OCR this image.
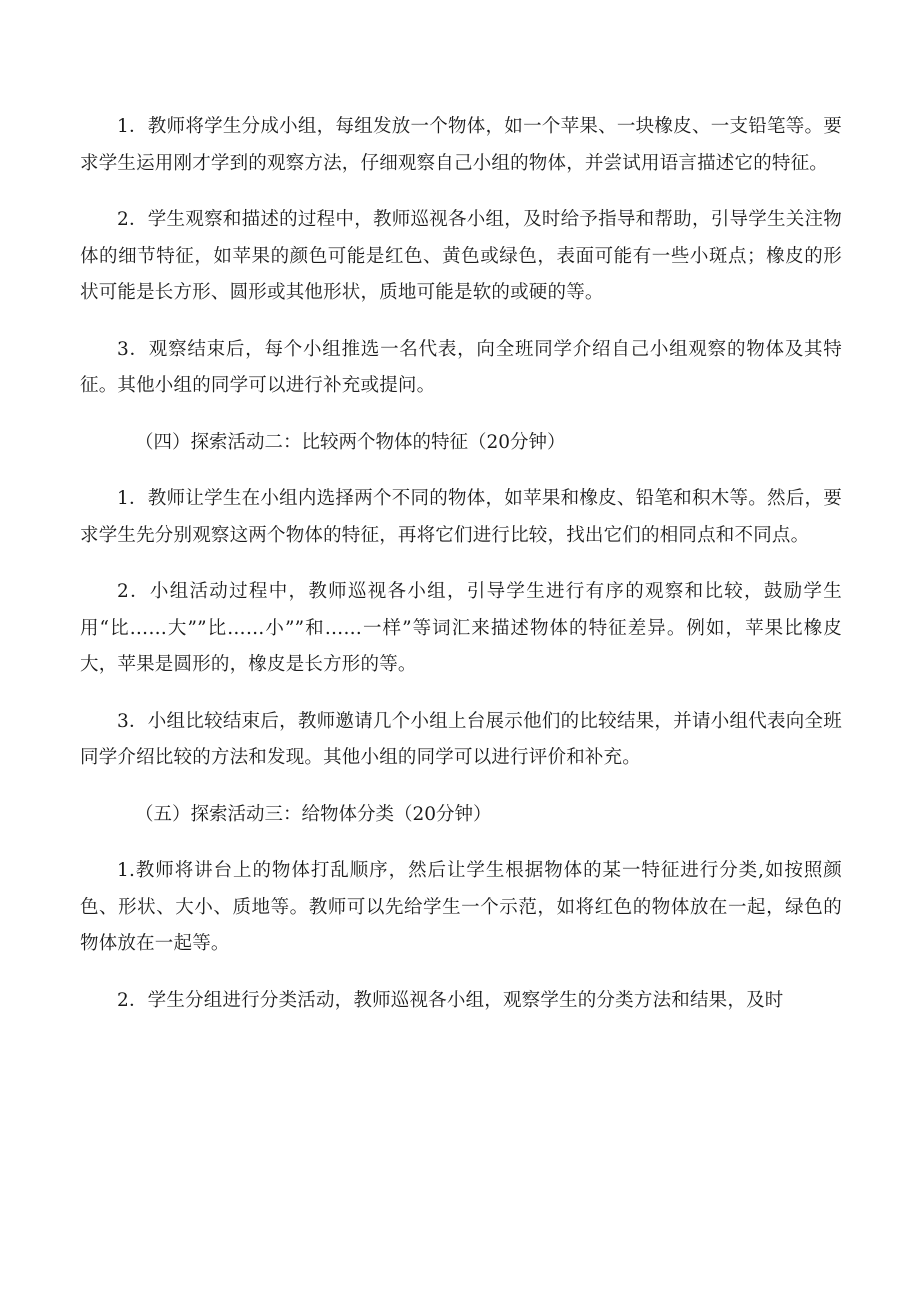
1．教师将学生分成小组，每组发放一个物体，如一个苹果、一块橡皮、一支铅笔等。要求学生运用刚才学到的观察方法，仔细观察自己小组的物体，并尝试用语言描述它的特征。

2．学生观察和描述的过程中，教师巡视各小组，及时给予指导和帮助，引导学生关注物体的细节特征，如苹果的颜色可能是红色、黄色或绿色，表面可能有一些小斑点；橡皮的形状可能是长方形、圆形或其他形状，质地可能是软的或硬的等。

3．观察结束后，每个小组推选一名代表，向全班同学介绍自己小组观察的物体及其特征。其他小组的同学可以进行补充或提问。

（四）探索活动二：比较两个物体的特征（20分钟）

1．教师让学生在小组内选择两个不同的物体，如苹果和橡皮、铅笔和积木等。然后，要求学生先分别观察这两个物体的特征，再将它们进行比较，找出它们的相同点和不同点。

2．小组活动过程中，教师巡视各小组，引导学生进行有序的观察和比较，鼓励学生用“比……大””比……小””和……一样”等词汇来描述物体的特征差异。例如，苹果比橡皮大，苹果是圆形的，橡皮是长方形的等。

3．小组比较结束后，教师邀请几个小组上台展示他们的比较结果，并请小组代表向全班同学介绍比较的方法和发现。其他小组的同学可以进行评价和补充。

（五）探索活动三：给物体分类（20分钟）

1.教师将讲台上的物体打乱顺序，然后让学生根据物体的某一特征进行分类,如按照颜色、形状、大小、质地等。教师可以先给学生一个示范，如将红色的物体放在一起，绿色的物体放在一起等。

2．学生分组进行分类活动，教师巡视各小组，观察学生的分类方法和结果，及时
